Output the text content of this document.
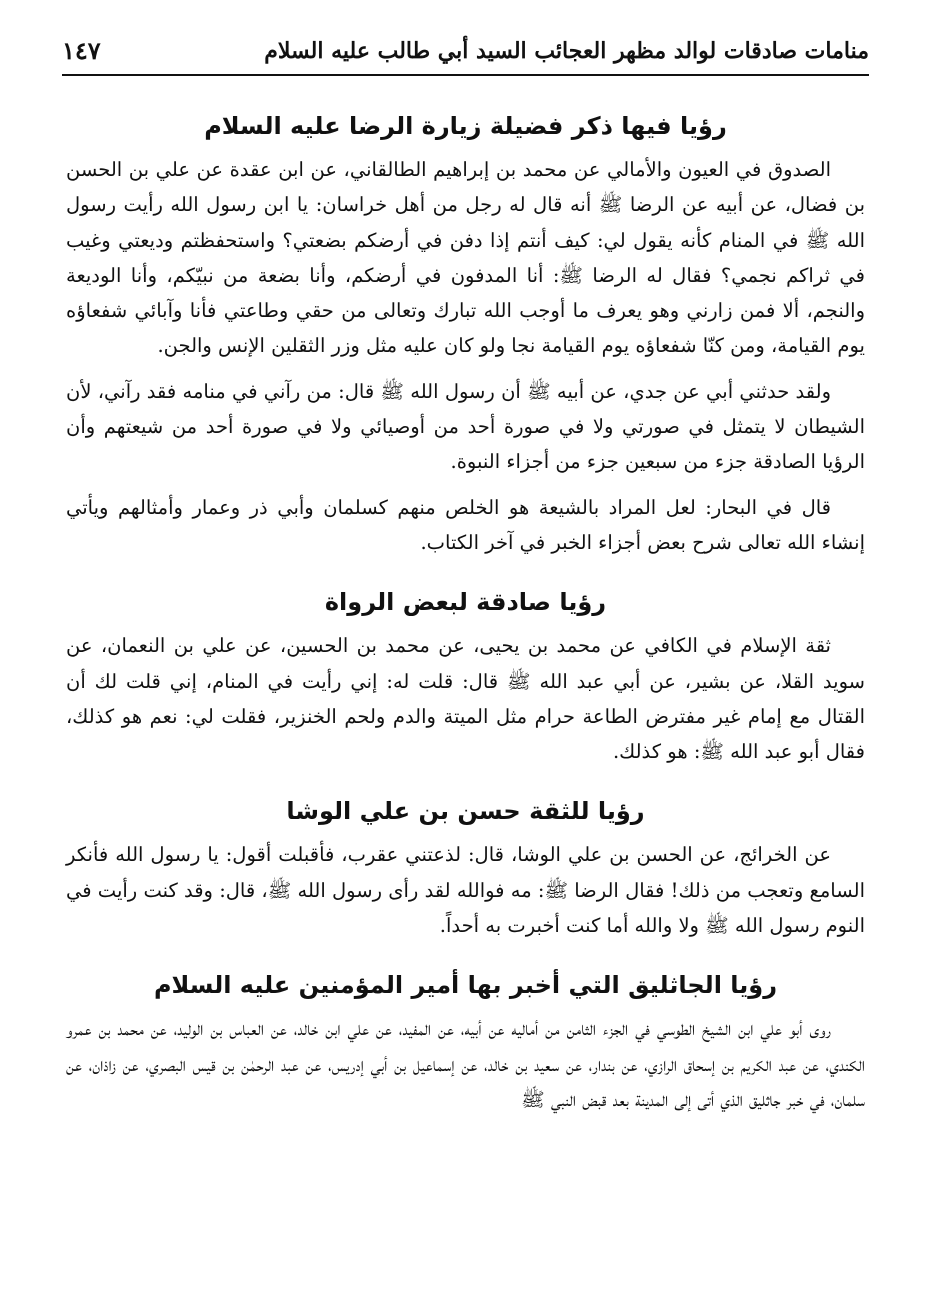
منامات صادقات لوالد مظهر العجائب السيد أبي طالب عليه السلام
١٤٧
رؤيا فيها ذكر فضيلة زيارة الرضا عليه السلام

الصدوق في العيون والأمالي عن محمد بن إبراهيم الطالقاني، عن ابن عقدة عن علي بن الحسن بن فضال، عن أبيه عن الرضا ﷺ أنه قال له رجل من أهل خراسان: يا ابن رسول الله رأيت رسول الله ﷺ في المنام كأنه يقول لي: كيف أنتم إذا دفن في أرضكم بضعتي؟ واستحفظتم وديعتي وغيب في ثراكم نجمي؟ فقال له الرضا ﷺ: أنا المدفون في أرضكم، وأنا بضعة من نبيّكم، وأنا الوديعة والنجم، ألا فمن زارني وهو يعرف ما أوجب الله تبارك وتعالى من حقي وطاعتي فأنا وآبائي شفعاؤه يوم القيامة، ومن كنّا شفعاؤه يوم القيامة نجا ولو كان عليه مثل وزر الثقلين الإنس والجن.

ولقد حدثني أبي عن جدي، عن أبيه ﷺ أن رسول الله ﷺ قال: من رآني في منامه فقد رآني، لأن الشيطان لا يتمثل في صورتي ولا في صورة أحد من أوصيائي ولا في صورة أحد من شيعتهم وأن الرؤيا الصادقة جزء من سبعين جزء من أجزاء النبوة.

قال في البحار: لعل المراد بالشيعة هو الخلص منهم كسلمان وأبي ذر وعمار وأمثالهم ويأتي إنشاء الله تعالى شرح بعض أجزاء الخبر في آخر الكتاب.

رؤيا صادقة لبعض الرواة

ثقة الإسلام في الكافي عن محمد بن يحيى، عن محمد بن الحسين، عن علي بن النعمان، عن سويد القلا، عن بشير، عن أبي عبد الله ﷺ قال: قلت له: إني رأيت في المنام، إني قلت لك أن القتال مع إمام غير مفترض الطاعة حرام مثل الميتة والدم ولحم الخنزير، فقلت لي: نعم هو كذلك، فقال أبو عبد الله ﷺ: هو كذلك.

رؤيا للثقة حسن بن علي الوشا

عن الخرائج، عن الحسن بن علي الوشا، قال: لذعتني عقرب، فأقبلت أقول: يا رسول الله فأنكر السامع وتعجب من ذلك! فقال الرضا ﷺ: مه فوالله لقد رأى رسول الله ﷺ، قال: وقد كنت رأيت في النوم رسول الله ﷺ ولا والله أما كنت أخبرت به أحداً.

رؤيا الجاثليق التي أخبر بها أمير المؤمنين عليه السلام

روى أبو علي ابن الشيخ الطوسي في الجزء الثامن من أماليه عن أبيه، عن المفيد، عن علي ابن خالد، عن العباس بن الوليد، عن محمد بن عمرو الكندي، عن عبد الكريم بن إسحاق الرازي، عن بندار، عن سعيد بن خالد، عن إسماعيل بن أبي إدريس، عن عبد الرحمٰن بن قيس البصري، عن زاذان، عن سلمان، في خبر جاثليق الذي أتى إلى المدينة بعد قبض النبي ﷺ
